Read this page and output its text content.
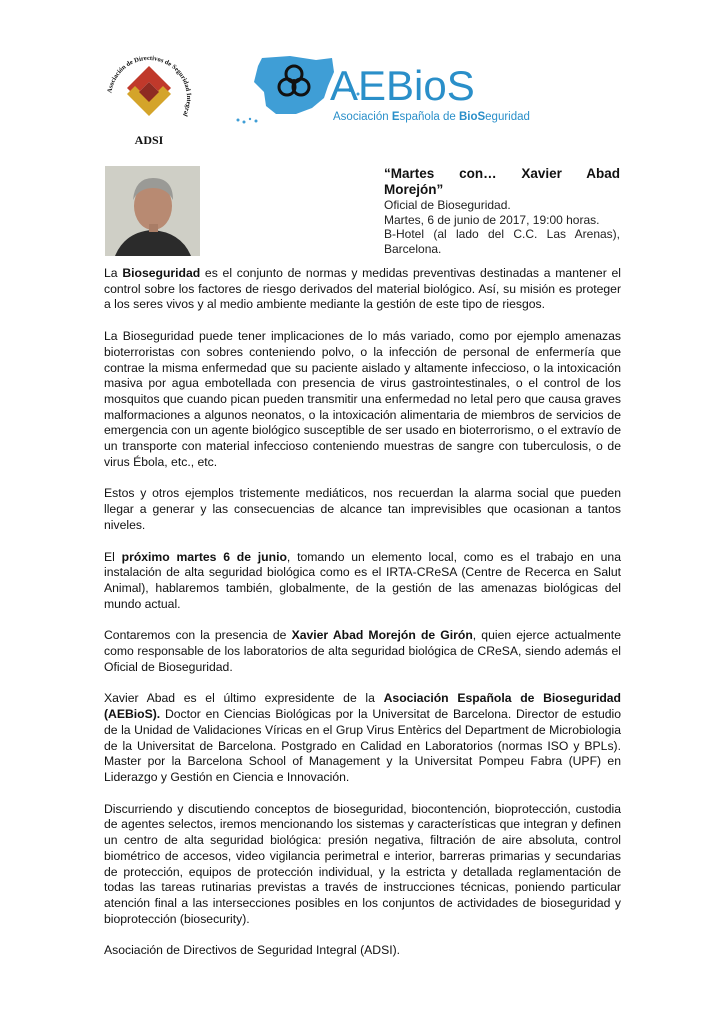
Asociación de Directivos de Seguridad Integral
ADSI
AEBioS
Asociación Española de BioSeguridad
“Martes con… Xavier Abad
Morejón”
Oficial de Bioseguridad.
Martes, 6 de junio de 2017, 19:00 horas.
B-Hotel (al lado del C.C. Las Arenas),
Barcelona.

La Bioseguridad es el conjunto de normas y medidas preventivas destinadas a mantener el control sobre los factores de riesgo derivados del material biológico. Así, su misión es proteger a los seres vivos y al medio ambiente mediante la gestión de este tipo de riesgos.

La Bioseguridad puede tener implicaciones de lo más variado, como por ejemplo amenazas bioterroristas con sobres conteniendo polvo, o la infección de personal de enfermería que contrae la misma enfermedad que su paciente aislado y altamente infeccioso, o la intoxicación masiva por agua embotellada con presencia de virus gastrointestinales, o el control de los mosquitos que cuando pican pueden transmitir una enfermedad no letal pero que causa graves malformaciones a algunos neonatos, o la intoxicación alimentaria de miembros de servicios de emergencia con un agente biológico susceptible de ser usado en bioterrorismo, o el extravío de un transporte con material infeccioso conteniendo muestras de sangre con tuberculosis, o de virus Ébola, etc., etc.

Estos y otros ejemplos tristemente mediáticos, nos recuerdan la alarma social que pueden llegar a generar y las consecuencias de alcance tan imprevisibles que ocasionan a tantos niveles.

El próximo martes 6 de junio, tomando un elemento local, como es el trabajo en una instalación de alta seguridad biológica como es el IRTA-CReSA (Centre de Recerca en Salut Animal), hablaremos también, globalmente, de la gestión de las amenazas biológicas del mundo actual.

Contaremos con la presencia de Xavier Abad Morejón de Girón, quien ejerce actualmente como responsable de los laboratorios de alta seguridad biológica de CReSA, siendo además el Oficial de Bioseguridad.

Xavier Abad es el último expresidente de la Asociación Española de Bioseguridad (AEBioS). Doctor en Ciencias Biológicas por la Universitat de Barcelona. Director de estudio de la Unidad de Validaciones Víricas en el Grup Virus Entèrics del Department de Microbiologia de la Universitat de Barcelona. Postgrado en Calidad en Laboratorios (normas ISO y BPLs). Master por la Barcelona School of Management y la Universitat Pompeu Fabra (UPF) en Liderazgo y Gestión en Ciencia e Innovación.

Discurriendo y discutiendo conceptos de bioseguridad, biocontención, bioprotección, custodia de agentes selectos, iremos mencionando los sistemas y características que integran y definen un centro de alta seguridad biológica: presión negativa, filtración de aire absoluta, control biométrico de accesos, video vigilancia perimetral e interior, barreras primarias y secundarias de protección, equipos de protección individual, y la estricta y detallada reglamentación de todas las tareas rutinarias previstas a través de instrucciones técnicas, poniendo particular atención final a las intersecciones posibles en los conjuntos de actividades de bioseguridad y bioprotección (biosecurity).

Asociación de Directivos de Seguridad Integral (ADSI).
